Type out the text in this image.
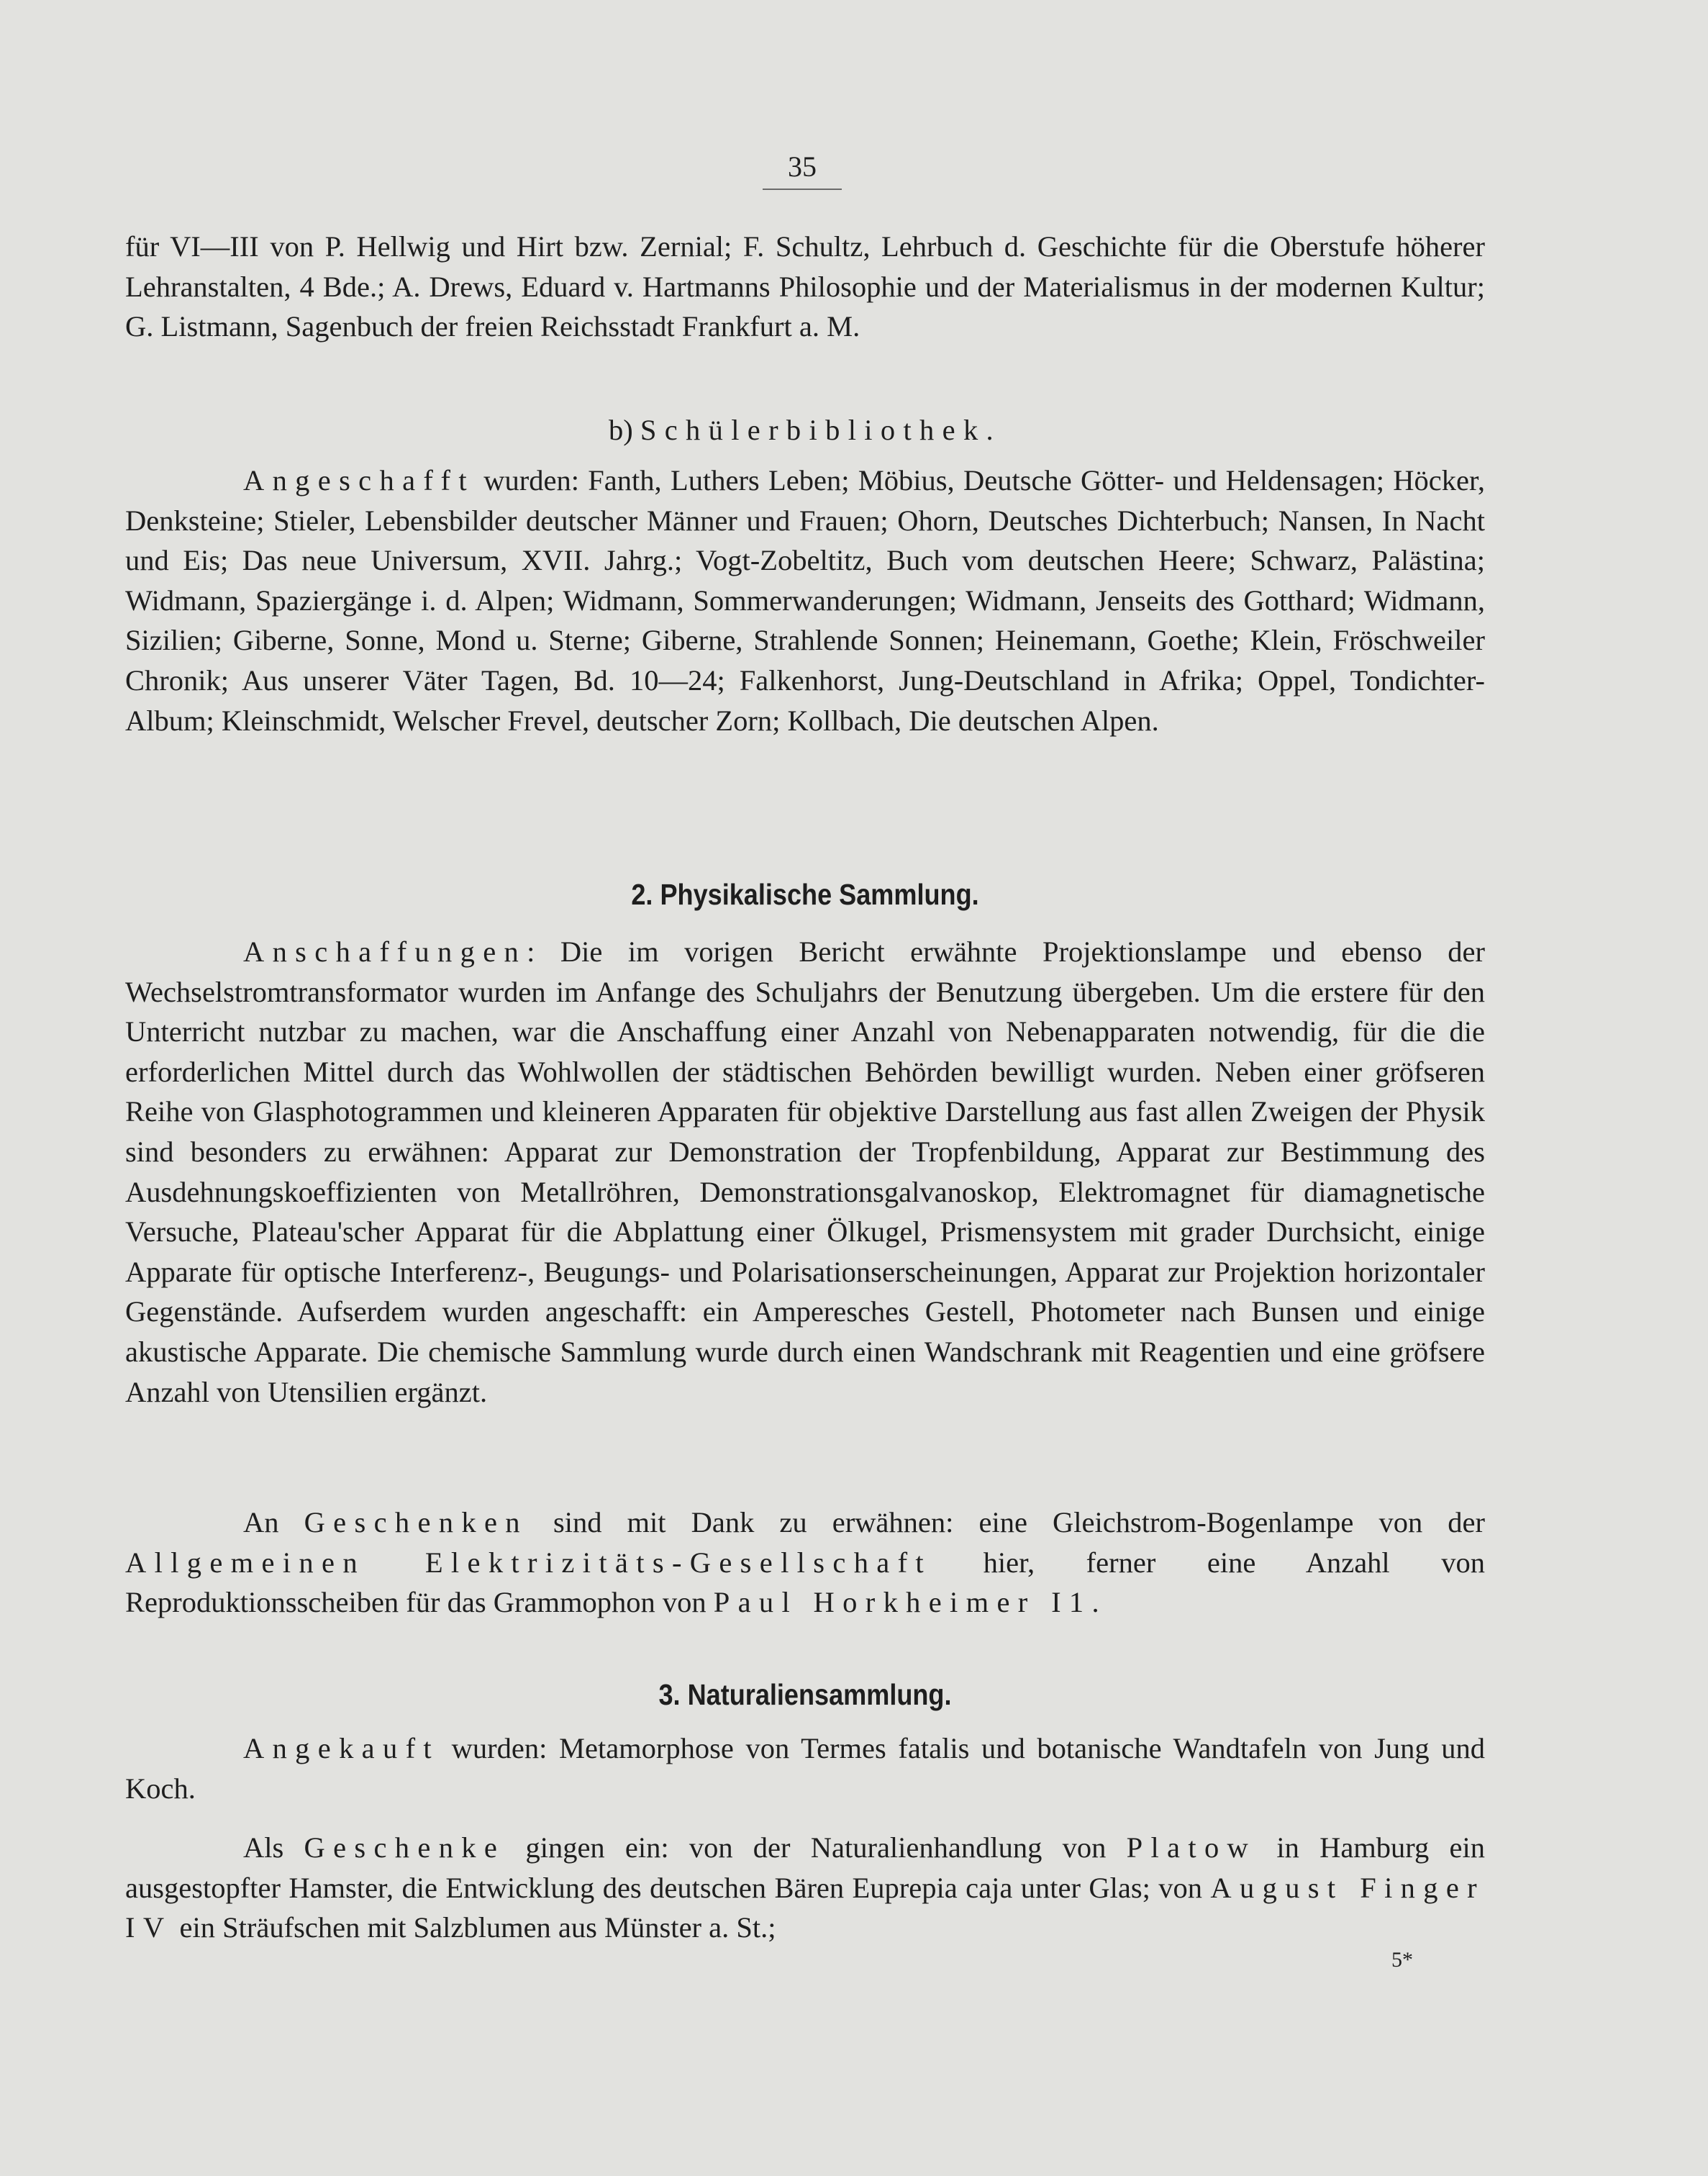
35

für VI—III von P. Hellwig und Hirt bzw. Zernial; F. Schultz, Lehrbuch d. Geschichte für die Oberstufe höherer Lehranstalten, 4 Bde.; A. Drews, Eduard v. Hartmanns Philosophie und der Materialismus in der modernen Kultur; G. Listmann, Sagenbuch der freien Reichsstadt Frankfurt a. M.

b) Schülerbibliothek.

Angeschafft wurden: Fanth, Luthers Leben; Möbius, Deutsche Götter- und Heldensagen; Höcker, Denksteine; Stieler, Lebensbilder deutscher Männer und Frauen; Ohorn, Deutsches Dichterbuch; Nansen, In Nacht und Eis; Das neue Universum, XVII. Jahrg.; Vogt-Zobeltitz, Buch vom deutschen Heere; Schwarz, Palästina; Widmann, Spaziergänge i. d. Alpen; Widmann, Sommerwanderungen; Widmann, Jenseits des Gotthard; Widmann, Sizilien; Giberne, Sonne, Mond u. Sterne; Giberne, Strahlende Sonnen; Heinemann, Goethe; Klein, Fröschweiler Chronik; Aus unserer Väter Tagen, Bd. 10—24; Falkenhorst, Jung-Deutschland in Afrika; Oppel, Tondichter-Album; Kleinschmidt, Welscher Frevel, deutscher Zorn; Kollbach, Die deutschen Alpen.

2. Physikalische Sammlung.

Anschaffungen: Die im vorigen Bericht erwähnte Projektionslampe und ebenso der Wechselstromtransformator wurden im Anfange des Schuljahrs der Benutzung übergeben. Um die erstere für den Unterricht nutzbar zu machen, war die Anschaffung einer Anzahl von Nebenapparaten notwendig, für die die erforderlichen Mittel durch das Wohlwollen der städtischen Behörden bewilligt wurden. Neben einer gröfseren Reihe von Glasphotogrammen und kleineren Apparaten für objektive Darstellung aus fast allen Zweigen der Physik sind besonders zu erwähnen: Apparat zur Demonstration der Tropfenbildung, Apparat zur Bestimmung des Ausdehnungskoeffizienten von Metallröhren, Demonstrationsgalvanoskop, Elektromagnet für diamagnetische Versuche, Plateau'scher Apparat für die Abplattung einer Ölkugel, Prismensystem mit grader Durchsicht, einige Apparate für optische Interferenz-, Beugungs- und Polarisationserscheinungen, Apparat zur Projektion horizontaler Gegenstände. Aufserdem wurden angeschafft: ein Amperesches Gestell, Photometer nach Bunsen und einige akustische Apparate. Die chemische Sammlung wurde durch einen Wandschrank mit Reagentien und eine gröfsere Anzahl von Utensilien ergänzt.

An Geschenken sind mit Dank zu erwähnen: eine Gleichstrom-Bogenlampe von der Allgemeinen Elektrizitäts-Gesellschaft hier, ferner eine Anzahl von Reproduktionsscheiben für das Grammophon von Paul Horkheimer I1.

3. Naturaliensammlung.

Angekauft wurden: Metamorphose von Termes fatalis und botanische Wandtafeln von Jung und Koch.

Als Geschenke gingen ein: von der Naturalienhandlung von Platow in Hamburg ein ausgestopfter Hamster, die Entwicklung des deutschen Bären Euprepia caja unter Glas; von August Finger IV ein Sträufschen mit Salzblumen aus Münster a. St.;

5*
